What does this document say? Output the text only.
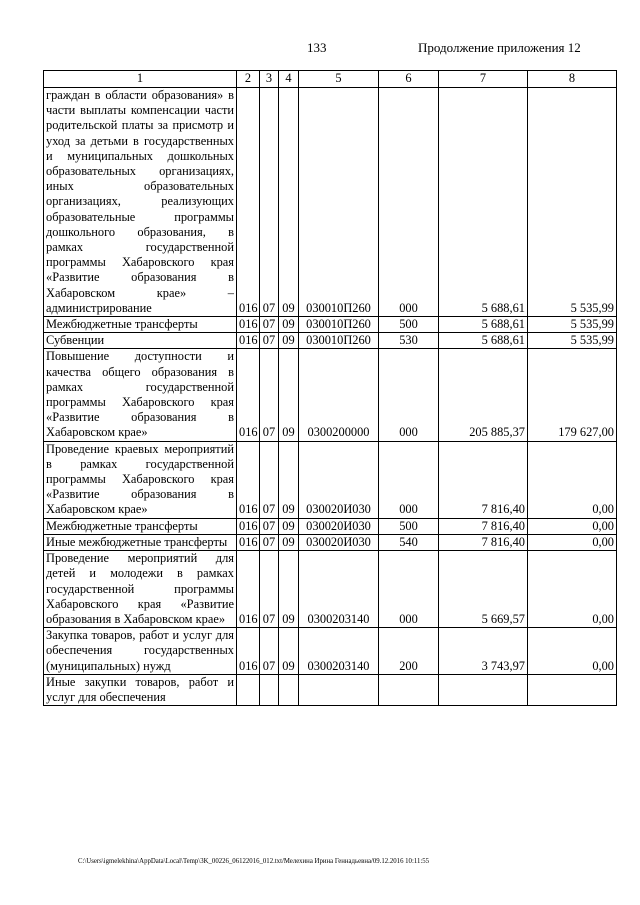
133	Продолжение приложения 12
1	2	3	4	5	6	7	8
граждан в области образования» в части выплаты компенсации части родительской платы за присмотр и уход за детьми в государственных и муниципальных дошкольных образовательных организациях, иных образовательных организациях, реализующих образовательные программы дошкольного образования, в рамках государственной программы Хабаровского края «Развитие образования в Хабаровском крае» – администрирование	016	07	09	030010П260	000	5 688,61	5 535,99
Межбюджетные трансферты	016	07	09	030010П260	500	5 688,61	5 535,99
Субвенции	016	07	09	030010П260	530	5 688,61	5 535,99
Повышение доступности и качества общего образования в рамках государственной программы Хабаровского края «Развитие образования в Хабаровском крае»	016	07	09	0300200000	000	205 885,37	179 627,00
Проведение краевых мероприятий в рамках государственной программы Хабаровского края «Развитие образования в Хабаровском крае»	016	07	09	030020И030	000	7 816,40	0,00
Межбюджетные трансферты	016	07	09	030020И030	500	7 816,40	0,00
Иные межбюджетные трансферты	016	07	09	030020И030	540	7 816,40	0,00
Проведение мероприятий для детей и молодежи в рамках государственной программы Хабаровского края «Развитие образования в Хабаровском крае»	016	07	09	0300203140	000	5 669,57	0,00
Закупка товаров, работ и услуг для обеспечения государственных (муниципальных) нужд	016	07	09	0300203140	200	3 743,97	0,00
Иные закупки товаров, работ и услуг для обеспечения							
C:\Users\igmelekhina\AppData\Local\Temp\3K_00226_06122016_012.txt/Мелехина Ирина Геннадьевна/09.12.2016 10:11:55
